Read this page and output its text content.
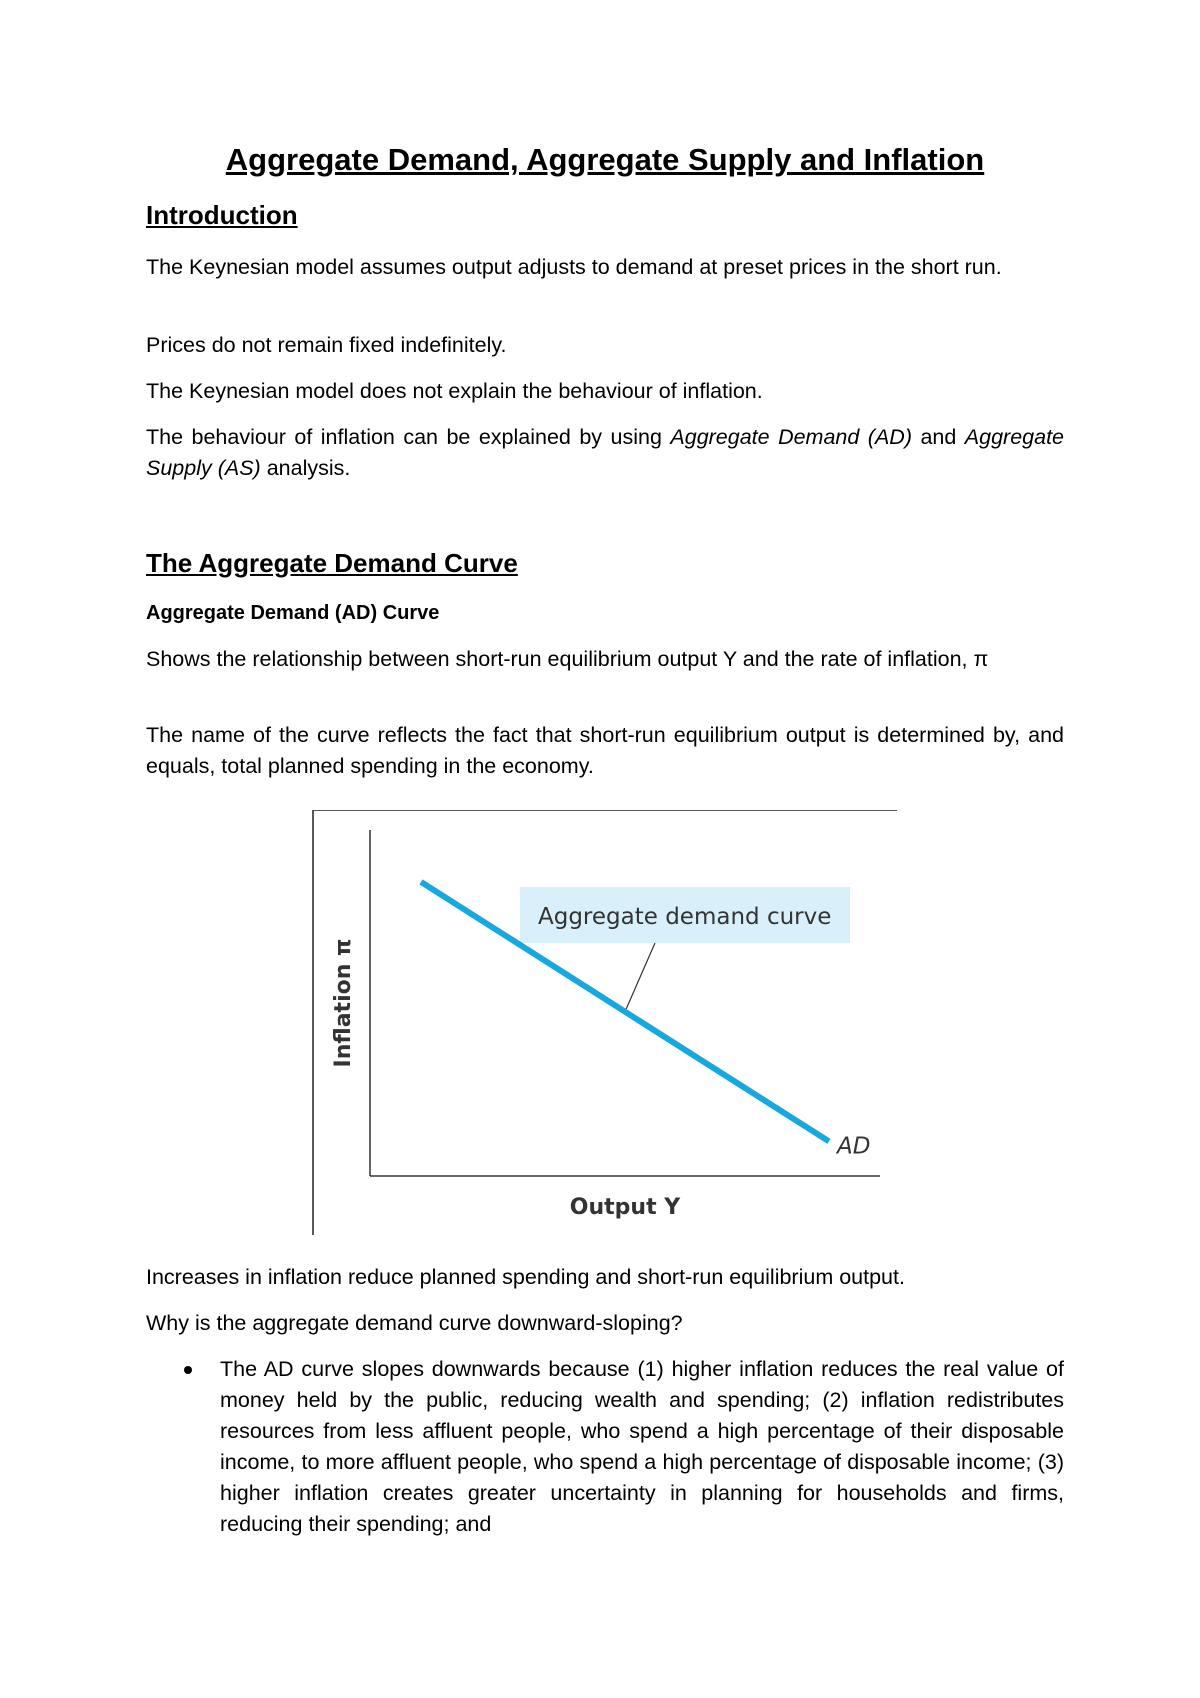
Aggregate Demand, Aggregate Supply and Inflation
Introduction

The Keynesian model assumes output adjusts to demand at preset prices in the short run.

Prices do not remain fixed indefinitely.

The Keynesian model does not explain the behaviour of inflation.

The behaviour of inflation can be explained by using Aggregate Demand (AD) and Aggregate Supply (AS) analysis.

The Aggregate Demand Curve
Aggregate Demand (AD) Curve

Shows the relationship between short-run equilibrium output Y and the rate of inflation, π

The name of the curve reflects the fact that short-run equilibrium output is determined by, and equals, total planned spending in the economy.

Increases in inflation reduce planned spending and short-run equilibrium output.

Why is the aggregate demand curve downward-sloping?

The AD curve slopes downwards because (1) higher inflation reduces the real value of money held by the public, reducing wealth and spending; (2) inflation redistributes resources from less affluent people, who spend a high percentage of their disposable income, to more affluent people, who spend a high percentage of disposable income; (3) higher inflation creates greater uncertainty in planning for households and firms, reducing their spending; and
Inflation π
Output Y
Aggregate demand curve
AD
